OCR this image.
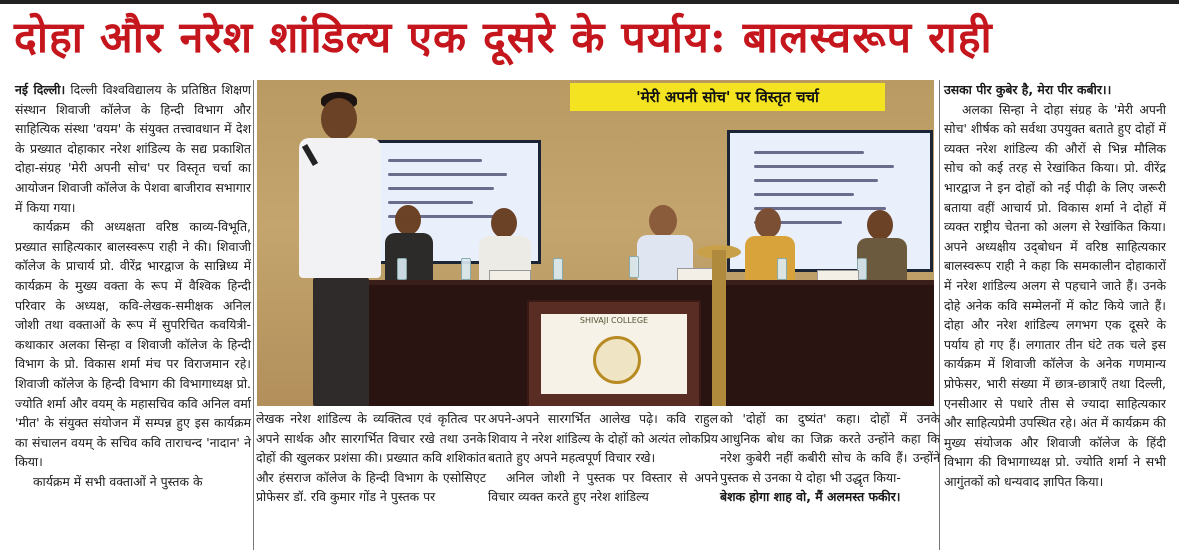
दोहा और नरेश शांडिल्य एक दूसरे के पर्याय: बालस्वरूप राही

नई दिल्ली। दिल्ली विश्वविद्यालय के प्रतिष्ठित शिक्षण संस्थान शिवाजी कॉलेज के हिन्दी विभाग और साहित्यिक संस्था 'वयम' के संयुक्त तत्त्वावधान में देश के प्रख्यात दोहाकार नरेश शांडिल्य के सद्य प्रकाशित दोहा-संग्रह 'मेरी अपनी सोच' पर विस्तृत चर्चा का आयोजन शिवाजी कॉलेज के पेशवा बाजीराव सभागार में किया गया।

कार्यक्रम की अध्यक्षता वरिष्ठ काव्य-विभूति, प्रख्यात साहित्यकार बालस्वरूप राही ने की। शिवाजी कॉलेज के प्राचार्य प्रो. वीरेंद्र भारद्वाज के सान्निध्य में कार्यक्रम के मुख्य वक्ता के रूप में वैश्विक हिन्दी परिवार के अध्यक्ष, कवि-लेखक-समीक्षक अनिल जोशी तथा वक्ताओं के रूप में सुपरिचित कवयित्री-कथाकार अलका सिन्हा व शिवाजी कॉलेज के हिन्दी विभाग के प्रो. विकास शर्मा मंच पर विराजमान रहे। शिवाजी कॉलेज के हिन्दी विभाग की विभागाध्यक्ष प्रो. ज्योति शर्मा और वयम् के महासचिव कवि अनिल वर्मा 'मीत' के संयुक्त संयोजन में सम्पन्न हुए इस कार्यक्रम का संचालन वयम् के सचिव कवि ताराचन्द 'नादान' ने किया।

कार्यक्रम में सभी वक्ताओं ने पुस्तक के

SHIVAJI COLLEGE
'मेरी अपनी सोच' पर विस्तृत चर्चा

लेखक नरेश शांडिल्य के व्यक्तित्व एवं कृतित्व पर अपने सार्थक और सारगर्भित विचार रखे तथा उनके दोहों की खुलकर प्रशंसा की। प्रख्यात कवि शशिकांत और हंसराज कॉलेज के हिन्दी विभाग के एसोसिएट प्रोफेसर डॉ. रवि कुमार गोंड ने पुस्तक पर

अपने-अपने सारगर्भित आलेख पढ़े। कवि राहुल शिवाय ने नरेश शांडिल्य के दोहों को अत्यंत लोकप्रिय बताते हुए अपने महत्वपूर्ण विचार रखे।

अनिल जोशी ने पुस्तक पर विस्तार से अपने विचार व्यक्त करते हुए नरेश शांडिल्य

को 'दोहों का दुष्यंत' कहा। दोहों में उनके आधुनिक बोध का जिक्र करते उन्होंने कहा कि नरेश कुबेरी नहीं कबीरी सोच के कवि हैं। उन्होंने पुस्तक से उनका ये दोहा भी उद्धृत किया-

बेशक होगा शाह वो, मैं अलमस्त फकीर।

उसका पीर कुबेर है, मेरा पीर कबीर।।

अलका सिन्हा ने दोहा संग्रह के 'मेरी अपनी सोच' शीर्षक को सर्वथा उपयुक्त बताते हुए दोहों में व्यक्त नरेश शांडिल्य की औरों से भिन्न मौलिक सोच को कई तरह से रेखांकित किया। प्रो. वीरेंद्र भारद्वाज ने इन दोहों को नई पीढ़ी के लिए जरूरी बताया वहीं आचार्य प्रो. विकास शर्मा ने दोहों में व्यक्त राष्ट्रीय चेतना को अलग से रेखांकित किया। अपने अध्यक्षीय उद्‌बोधन में वरिष्ठ साहित्यकार बालस्वरूप राही ने कहा कि समकालीन दोहाकारों में नरेश शांडिल्य अलग से पहचाने जाते हैं। उनके दोहे अनेक कवि सम्मेलनों में कोट किये जाते हैं। दोहा और नरेश शांडिल्य लगभग एक दूसरे के पर्याय हो गए हैं। लगातार तीन घंटे तक चले इस कार्यक्रम में शिवाजी कॉलेज के अनेक गणमान्य प्रोफेसर, भारी संख्या में छात्र-छात्राएँ तथा दिल्ली, एनसीआर से पधारे तीस से ज्यादा साहित्यकार और साहित्यप्रेमी उपस्थित रहे। अंत में कार्यक्रम की मुख्य संयोजक और शिवाजी कॉलेज के हिंदी विभाग की विभागाध्यक्ष प्रो. ज्योति शर्मा ने सभी आगुंतकों को धन्यवाद ज्ञापित किया।
